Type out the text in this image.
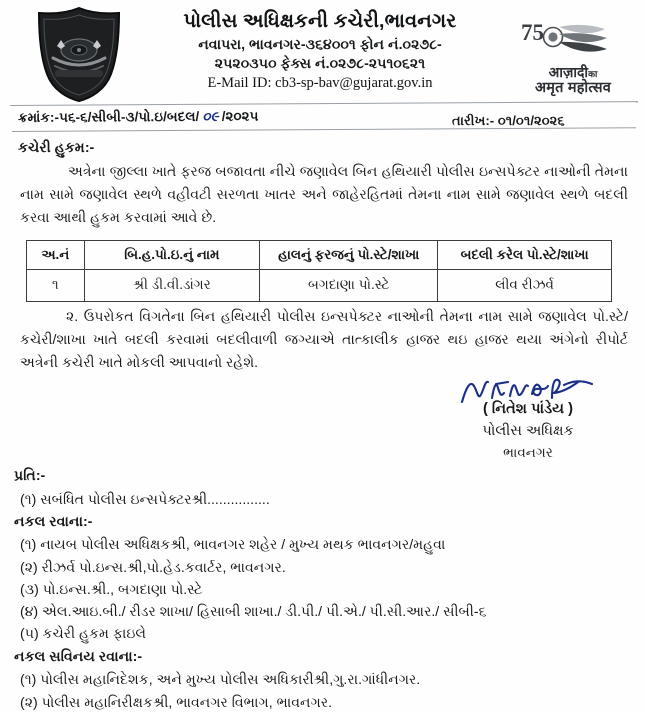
પોલીસ અધિક્ષકની કચેરી,ભાવનગર
નવાપરા, ભાવનગર-૩૬૪૦૦૧ ફોન નં.૦૨૭૮-
૨૫૨૦૩૫૦ ફેક્સ નં.૦૨૭૮-૨૫૧૦૬૨૧
E-Mail ID: cb3-sp-bav@gujarat.gov.in
75
आज़ादीका
अमृत महोत्सव
ક્રમાંક:-૫૬-૬/સીબી-૩/પો.ઇ/બદલ/ ૦૯ /૨૦૨૫	તારીખ:- ૦૧/૦૧/૨૦૨૬
કચેરી હુકમ:-
અત્રેના જીલ્લા ખાતે ફરજ બજાવતા નીચે જણાવેલ બિન હથિયારી પોલીસ ઇન્સપેક્ટર નાઓની તેમના નામ સામે જણાવેલ સ્થળે વહીવટી સરળતા ખાતર અને જાહેરહિતમાં તેમના નામ સામે જણાવેલ સ્થળે બદલી કરવા આથી હુકમ કરવામાં આવે છે.
અ.નં	બિ.હ.પો.ઇ.નું નામ	હાલનું ફરજનું પો.સ્ટે/શાખા	બદલી કરેલ પો.સ્ટે/શાખા
૧	શ્રી ડી.વી.ડાંગર	બગદાણા પો.સ્ટે	લીવ રીઝર્વ
૨. ઉપરોકત વિગતેના બિન હથિયારી પોલીસ ઇન્સપેક્ટર નાઓની તેમના નામ સામે જણાવેલ પો.સ્ટે/કચેરી/શાખા ખાતે બદલી કરવામાં બદલીવાળી જગ્યાએ તાત્કાલીક હાજર થઇ હાજર થયા અંગેનો રીપોર્ટ અત્રેની કચેરી ખાતે મોકલી આપવાનો રહેશે.
( નિતેશ પાંડેય )
પોલીસ અધિક્ષક
ભાવનગર

પ્રતિ:-

(૧) સબંધિત પોલીસ ઇન્સપેક્ટરશ્રી................

નકલ રવાના:-

(૧) નાયબ પોલીસ અધિક્ષકશ્રી, ભાવનગર શહેર / મુખ્ય મથક ભાવનગર/મહુવા

(૨) રીઝર્વ પો.ઇન્સ.શ્રી,પો.હેડ.કવાર્ટર, ભાવનગર.

(૩) પો.ઇન્સ.શ્રી., બગદાણા પો.સ્ટે

(૪) એલ.આઇ.બી./ રીડર શાખા/ હિસાબી શાખા./ ડી.પી./ પી.એ./ પી.સી.આર./ સીબી-૬

(૫) કચેરી હુકમ ફાઇલે

નકલ સવિનય રવાના:-

(૧) પોલીસ મહાનિદેશક, અને મુખ્ય પોલીસ અધિકારીશ્રી,ગુ.રા.ગાંધીનગર.

(૨) પોલીસ મહાનિરીક્ષકશ્રી, ભાવનગર વિભાગ, ભાવનગર.
